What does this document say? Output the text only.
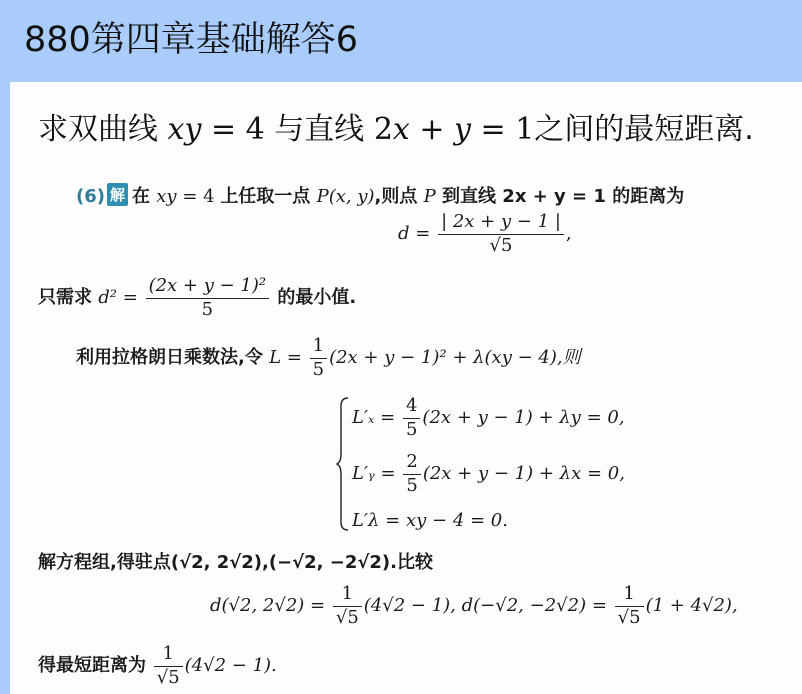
880第四章基础解答6
求双曲线 xy = 4 与直线 2x + y = 1之间的最短距离.
(6) 解 在 xy = 4 上任取一点 P(x, y),则点 P 到直线 2x + y = 1 的距离为
$d = \frac{| 2x + y - 1 |}{√5}$ ,
只需求 $d^2 = \frac{\text{(2x + y − 1)²}}{5}$ 的最小值.
利用拉格朗日乘数法,令 $L = \frac{1}{5} (2x + y - 1)^2 + \lambda(xy - 4)$,则
$L'_x = \frac{4}{5} (2x + y - 1) + \lambda y = 0$,
L′ᵧ = $\frac{2}{5} (2x + y - 1) + \lambda x = 0$,
L′λ = xy − 4 = 0.
解方程组,得驻点(√2, 2√2),(−√2, −2√2).比较
d(√2, $2√2) = \frac{1}{√5} (4√2 - 1)$, d(−√2, $-2√2) = \frac{1}{√5} (1 + 4√2)$,
得最短距离为 $\frac{1}{√5} (4√2 - 1)$.
